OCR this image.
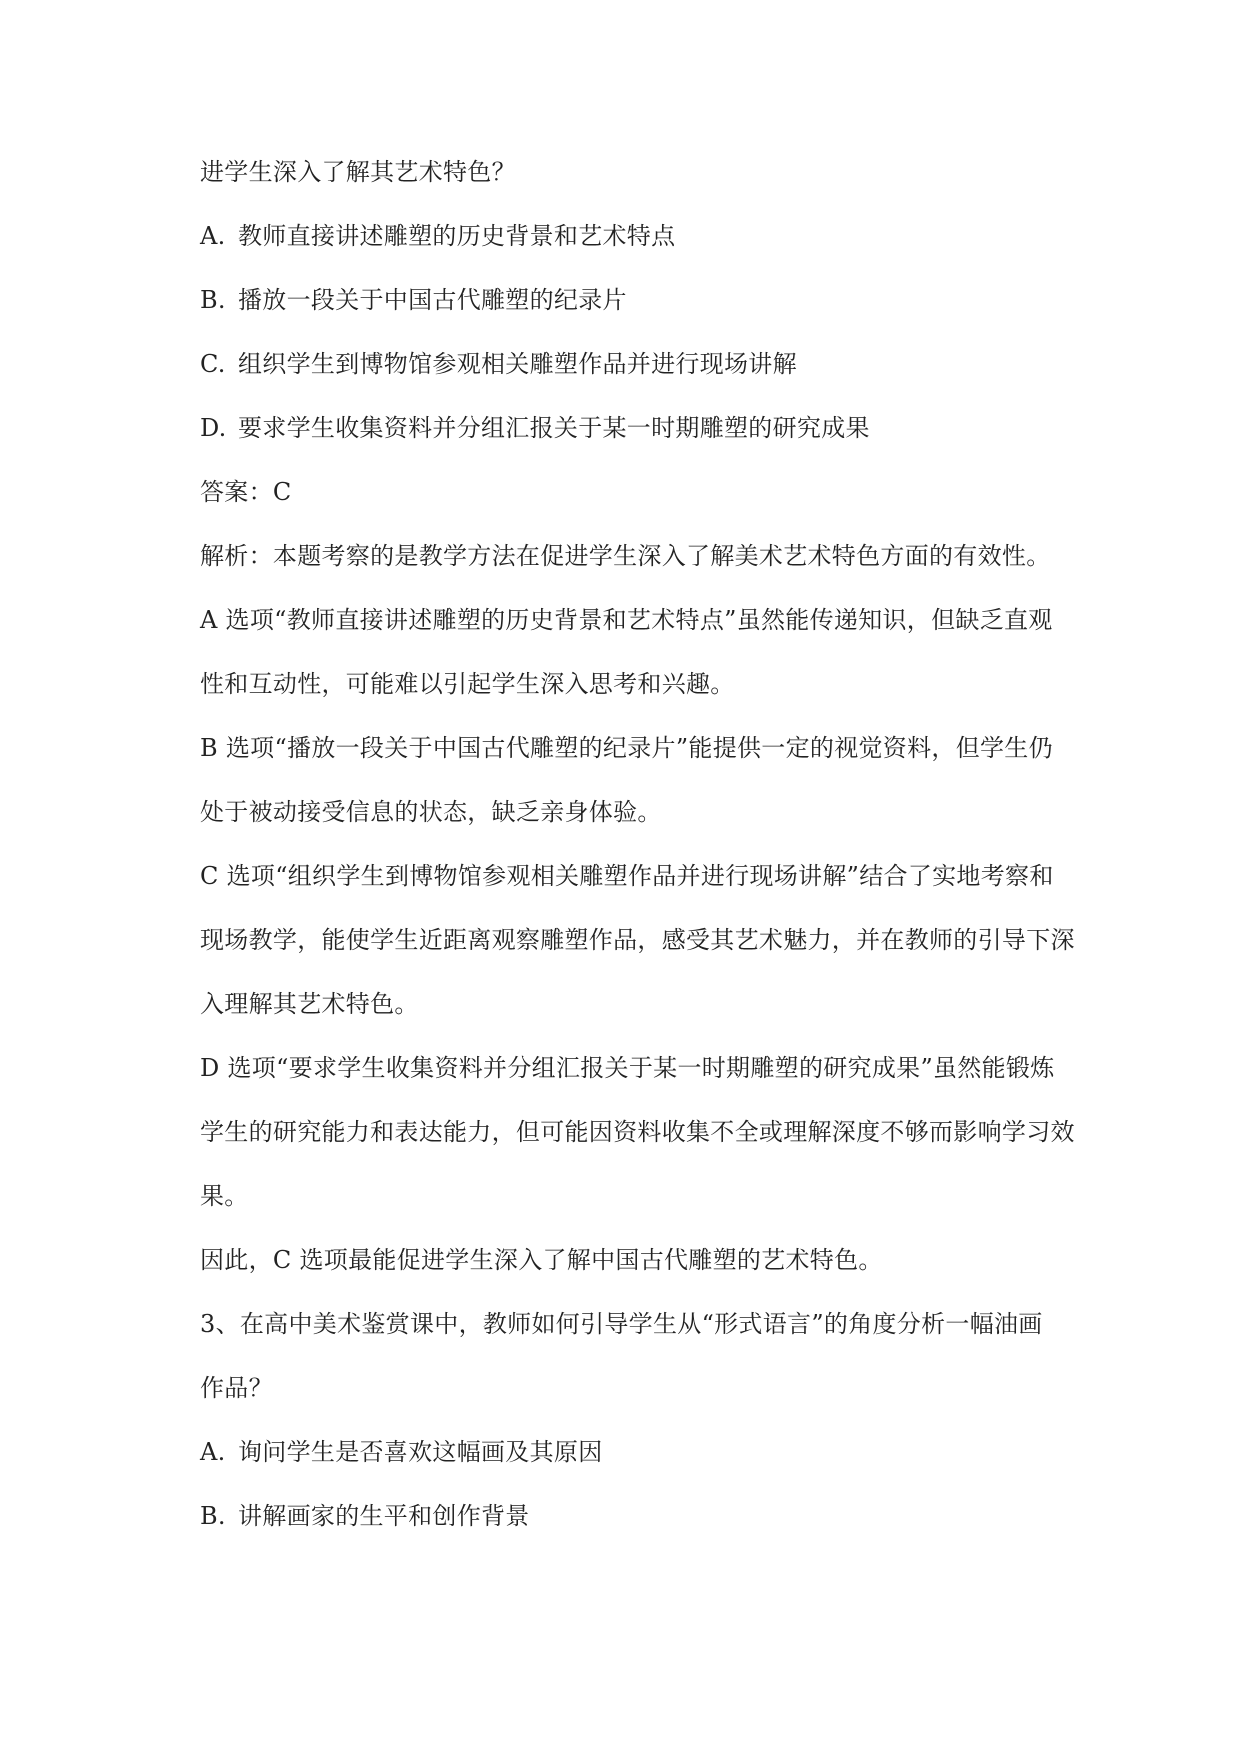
进学生深入了解其艺术特色？
A. 教师直接讲述雕塑的历史背景和艺术特点
B. 播放一段关于中国古代雕塑的纪录片
C. 组织学生到博物馆参观相关雕塑作品并进行现场讲解
D. 要求学生收集资料并分组汇报关于某一时期雕塑的研究成果
答案：C
解析：本题考察的是教学方法在促进学生深入了解美术艺术特色方面的有效性。
A 选项“教师直接讲述雕塑的历史背景和艺术特点”虽然能传递知识，但缺乏直观
性和互动性，可能难以引起学生深入思考和兴趣。
B 选项“播放一段关于中国古代雕塑的纪录片”能提供一定的视觉资料，但学生仍
处于被动接受信息的状态，缺乏亲身体验。
C 选项“组织学生到博物馆参观相关雕塑作品并进行现场讲解”结合了实地考察和
现场教学，能使学生近距离观察雕塑作品，感受其艺术魅力，并在教师的引导下深
入理解其艺术特色。
D 选项“要求学生收集资料并分组汇报关于某一时期雕塑的研究成果”虽然能锻炼
学生的研究能力和表达能力，但可能因资料收集不全或理解深度不够而影响学习效
果。
因此，C 选项最能促进学生深入了解中国古代雕塑的艺术特色。
3、在高中美术鉴赏课中，教师如何引导学生从“形式语言”的角度分析一幅油画
作品？
A. 询问学生是否喜欢这幅画及其原因
B. 讲解画家的生平和创作背景
